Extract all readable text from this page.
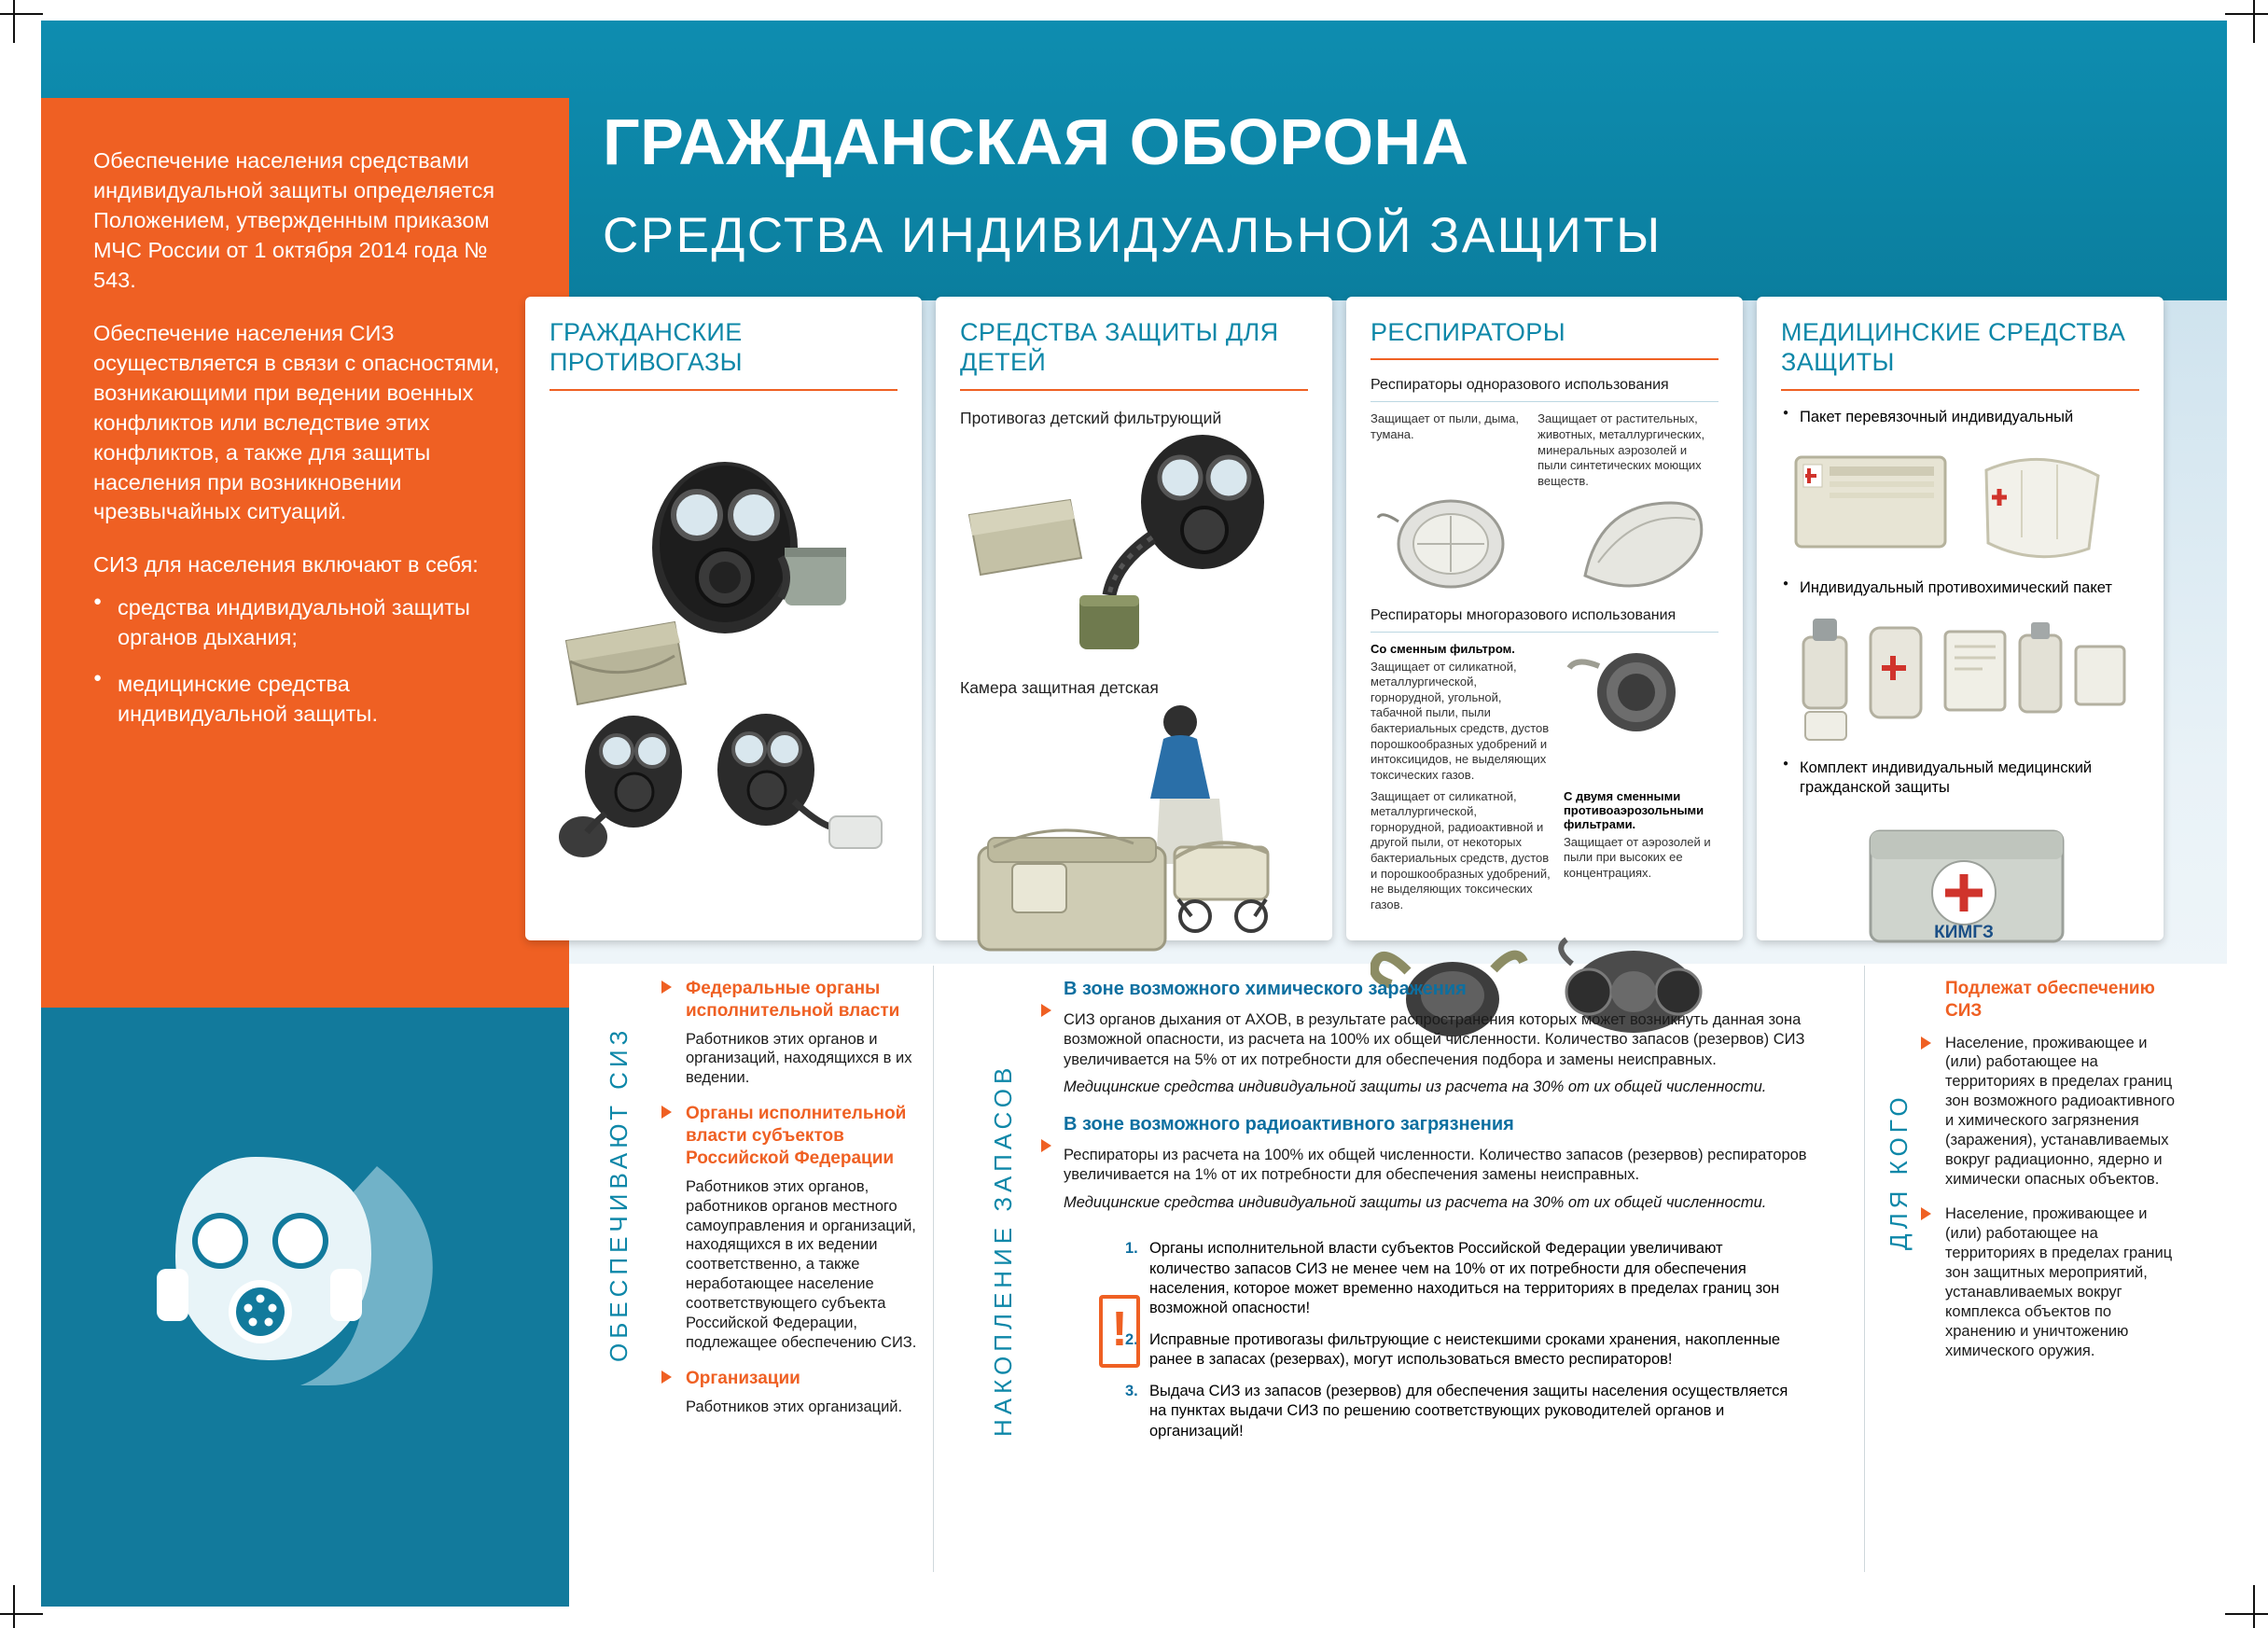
ГРАЖДАНСКАЯ ОБОРОНА
СРЕДСТВА ИНДИВИДУАЛЬНОЙ ЗАЩИТЫ

Обеспечение населения средствами индивидуальной защиты определяется Положением, утвержденным приказом МЧС России от 1 октября 2014 года № 543.

Обеспечение населения СИЗ осуществляется в связи с опасностями, возникающими при ведении военных конфликтов или вследствие этих конфликтов, а также для защиты населения при возникновении чрезвычайных ситуаций.

СИЗ для населения включают в себя:

● средства индивидуальной защиты органов дыхания;
● медицинские средства индивидуальной защиты.
ГРАЖДАНСКИЕ ПРОТИВОГАЗЫ
СРЕДСТВА ЗАЩИТЫ ДЛЯ ДЕТЕЙ
Противогаз детский фильтрующий
Камера защитная детская
РЕСПИРАТОРЫ
Респираторы одноразового использования
Защищает от пыли, дыма, тумана.
Защищает от растительных, животных, металлургических, минеральных аэрозолей и пыли синтетических моющих веществ.
Респираторы многоразового использования
Со сменным фильтром.
Защищает от силикатной, металлургической, горнорудной, угольной, табачной пыли, пыли бактериальных средств, дустов порошкообразных удобрений и интоксицидов, не выделяющих токсических газов.
Защищает от силикатной, металлургической, горнорудной, радиоактивной и другой пыли, от некоторых бактериальных средств, дустов и порошкообразных удобрений, не выделяющих токсических газов.
С двумя сменными противоаэрозольными фильтрами.
Защищает от аэрозолей и пыли при высоких ее концентрациях.
МЕДИЦИНСКИЕ СРЕДСТВА ЗАЩИТЫ
● Пакет перевязочный индивидуальный
● Индивидуальный противохимический пакет
● Комплект индивидуальный медицинский гражданской защиты
КИМГЗ
ОБЕСПЕЧИВАЮТ СИЗ	НАКОПЛЕНИЕ ЗАПАСОВ	ДЛЯ КОГО
Федеральные органы исполнительной власти

Работников этих органов и организаций, находящихся в их ведении.

Органы исполнительной власти субъектов Российской Федерации

Работников этих органов, работников органов местного самоуправления и организаций, находящихся в их ведении соответственно, а также неработающее население соответствующего субъекта Российской Федерации, подлежащее обеспечению СИЗ.

Организации

Работников этих организаций.

В зоне возможного химического заражения

СИЗ органов дыхания от АХОВ, в результате распространения которых может возникнуть данная зона возможной опасности, из расчета на 100% их общей численности. Количество запасов (резервов) СИЗ увеличивается на 5% от их потребности для обеспечения подбора и замены неисправных.

Медицинские средства индивидуальной защиты из расчета на 30% от их общей численности.

В зоне возможного радиоактивного загрязнения

Респираторы из расчета на 100% их общей численности. Количество запасов (резервов) респираторов увеличивается на 1% от их потребности для обеспечения замены неисправных.

Медицинские средства индивидуальной защиты из расчета на 30% от их общей численности.

1. Органы исполнительной власти субъектов Российской Федерации увеличивают количество запасов СИЗ не менее чем на 10% от их потребности для обеспечения населения, которое может временно находиться на территориях в пределах границ зон возможной опасности!
2. Исправные противогазы фильтрующие с неистекшими сроками хранения, накопленные ранее в запасах (резервах), могут использоваться вместо респираторов!
3. Выдача СИЗ из запасов (резервов) для обеспечения защиты населения осуществляется на пунктах выдачи СИЗ по решению соответствующих руководителей органов и организаций!
!
Подлежат обеспечению СИЗ

Население, проживающее и (или) работающее на территориях в пределах границ зон возможного радиоактивного и химического загрязнения (заражения), устанавливаемых вокруг радиационно, ядерно и химически опасных объектов.

Население, проживающее и (или) работающее на территориях в пределах границ зон защитных мероприятий, устанавливаемых вокруг комплекса объектов по хранению и уничтожению химического оружия.
